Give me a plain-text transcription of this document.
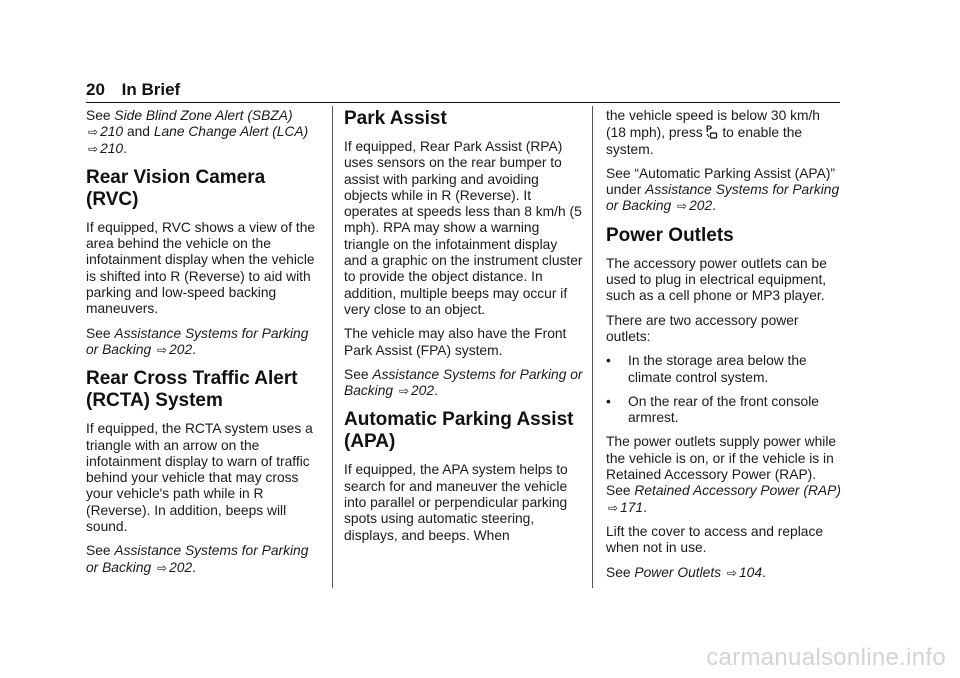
20 In Brief

See Side Blind Zone Alert (SBZA)
⇨ 210 and Lane Change Alert (LCA)
⇨ 210.

Rear Vision Camera (RVC)

If equipped, RVC shows a view of the area behind the vehicle on the infotainment display when the vehicle is shifted into R (Reverse) to aid with parking and low-speed backing maneuvers.

See Assistance Systems for Parking or Backing ⇨ 202.

Rear Cross Traffic Alert (RCTA) System

If equipped, the RCTA system uses a triangle with an arrow on the infotainment display to warn of traffic behind your vehicle that may cross your vehicle's path while in R (Reverse). In addition, beeps will sound.

See Assistance Systems for Parking or Backing ⇨ 202.

Park Assist

If equipped, Rear Park Assist (RPA) uses sensors on the rear bumper to assist with parking and avoiding objects while in R (Reverse). It operates at speeds less than 8 km/h (5 mph). RPA may show a warning triangle on the infotainment display and a graphic on the instrument cluster to provide the object distance. In addition, multiple beeps may occur if very close to an object.

The vehicle may also have the Front Park Assist (FPA) system.

See Assistance Systems for Parking or Backing ⇨ 202.

Automatic Parking Assist (APA)

If equipped, the APA system helps to search for and maneuver the vehicle into parallel or perpendicular parking spots using automatic steering, displays, and beeps. When

the vehicle speed is below 30 km/h (18 mph), press P to enable the system.

See “Automatic Parking Assist (APA)” under Assistance Systems for Parking or Backing ⇨ 202.

Power Outlets

The accessory power outlets can be used to plug in electrical equipment, such as a cell phone or MP3 player.

There are two accessory power outlets:

•	In the storage area below the climate control system.
•	On the rear of the front console armrest.

The power outlets supply power while the vehicle is on, or if the vehicle is in Retained Accessory Power (RAP). See Retained Accessory Power (RAP) ⇨ 171.

Lift the cover to access and replace when not in use.

See Power Outlets ⇨ 104.

carmanualsonline.info
